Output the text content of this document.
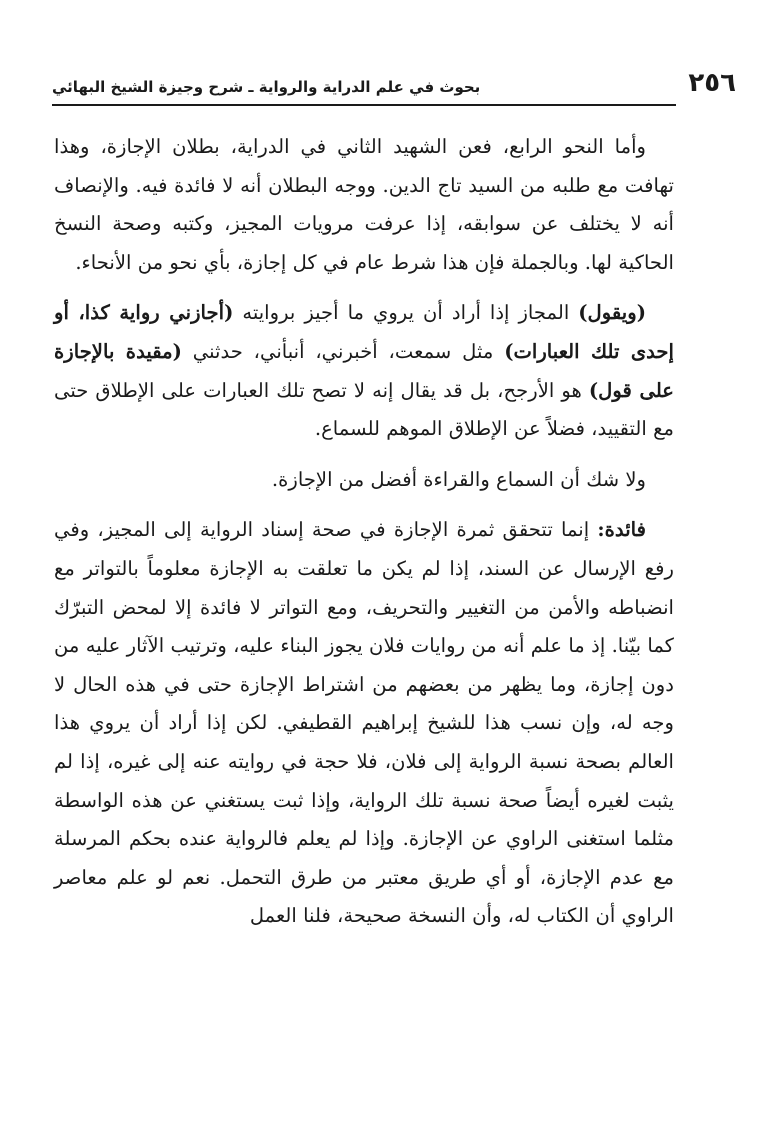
٢٥٦
بحوث في علم الدراية والرواية ـ شرح وجيزة الشيخ البهائي

وأما النحو الرابع، فعن الشهيد الثاني في الدراية، بطلان الإجازة، وهذا تهافت مع طلبه من السيد تاج الدين. ووجه البطلان أنه لا فائدة فيه. والإنصاف أنه لا يختلف عن سوابقه، إذا عرفت مرويات المجيز، وكتبه وصحة النسخ الحاكية لها. وبالجملة فإن هذا شرط عام في كل إجازة، بأي نحو من الأنحاء.

(ويقول) المجاز إذا أراد أن يروي ما أجيز بروايته (أجازني رواية كذا، أو إحدى تلك العبارات) مثل سمعت، أخبرني، أنبأني، حدثني (مقيدة بالإجازة على قول) هو الأرجح، بل قد يقال إنه لا تصح تلك العبارات على الإطلاق حتى مع التقييد، فضلاً عن الإطلاق الموهم للسماع.

ولا شك أن السماع والقراءة أفضل من الإجازة.

فائدة: إنما تتحقق ثمرة الإجازة في صحة إسناد الرواية إلى المجيز، وفي رفع الإرسال عن السند، إذا لم يكن ما تعلقت به الإجازة معلوماً بالتواتر مع انضباطه والأمن من التغيير والتحريف، ومع التواتر لا فائدة إلا لمحض التبرّك كما بيّنا. إذ ما علم أنه من روايات فلان يجوز البناء عليه، وترتيب الآثار عليه من دون إجازة، وما يظهر من بعضهم من اشتراط الإجازة حتى في هذه الحال لا وجه له، وإن نسب هذا للشيخ إبراهيم القطيفي. لكن إذا أراد أن يروي هذا العالم بصحة نسبة الرواية إلى فلان، فلا حجة في روايته عنه إلى غيره، إذا لم يثبت لغيره أيضاً صحة نسبة تلك الرواية، وإذا ثبت يستغني عن هذه الواسطة مثلما استغنى الراوي عن الإجازة. وإذا لم يعلم فالرواية عنده بحكم المرسلة مع عدم الإجازة، أو أي طريق معتبر من طرق التحمل. نعم لو علم معاصر الراوي أن الكتاب له، وأن النسخة صحيحة، فلنا العمل
